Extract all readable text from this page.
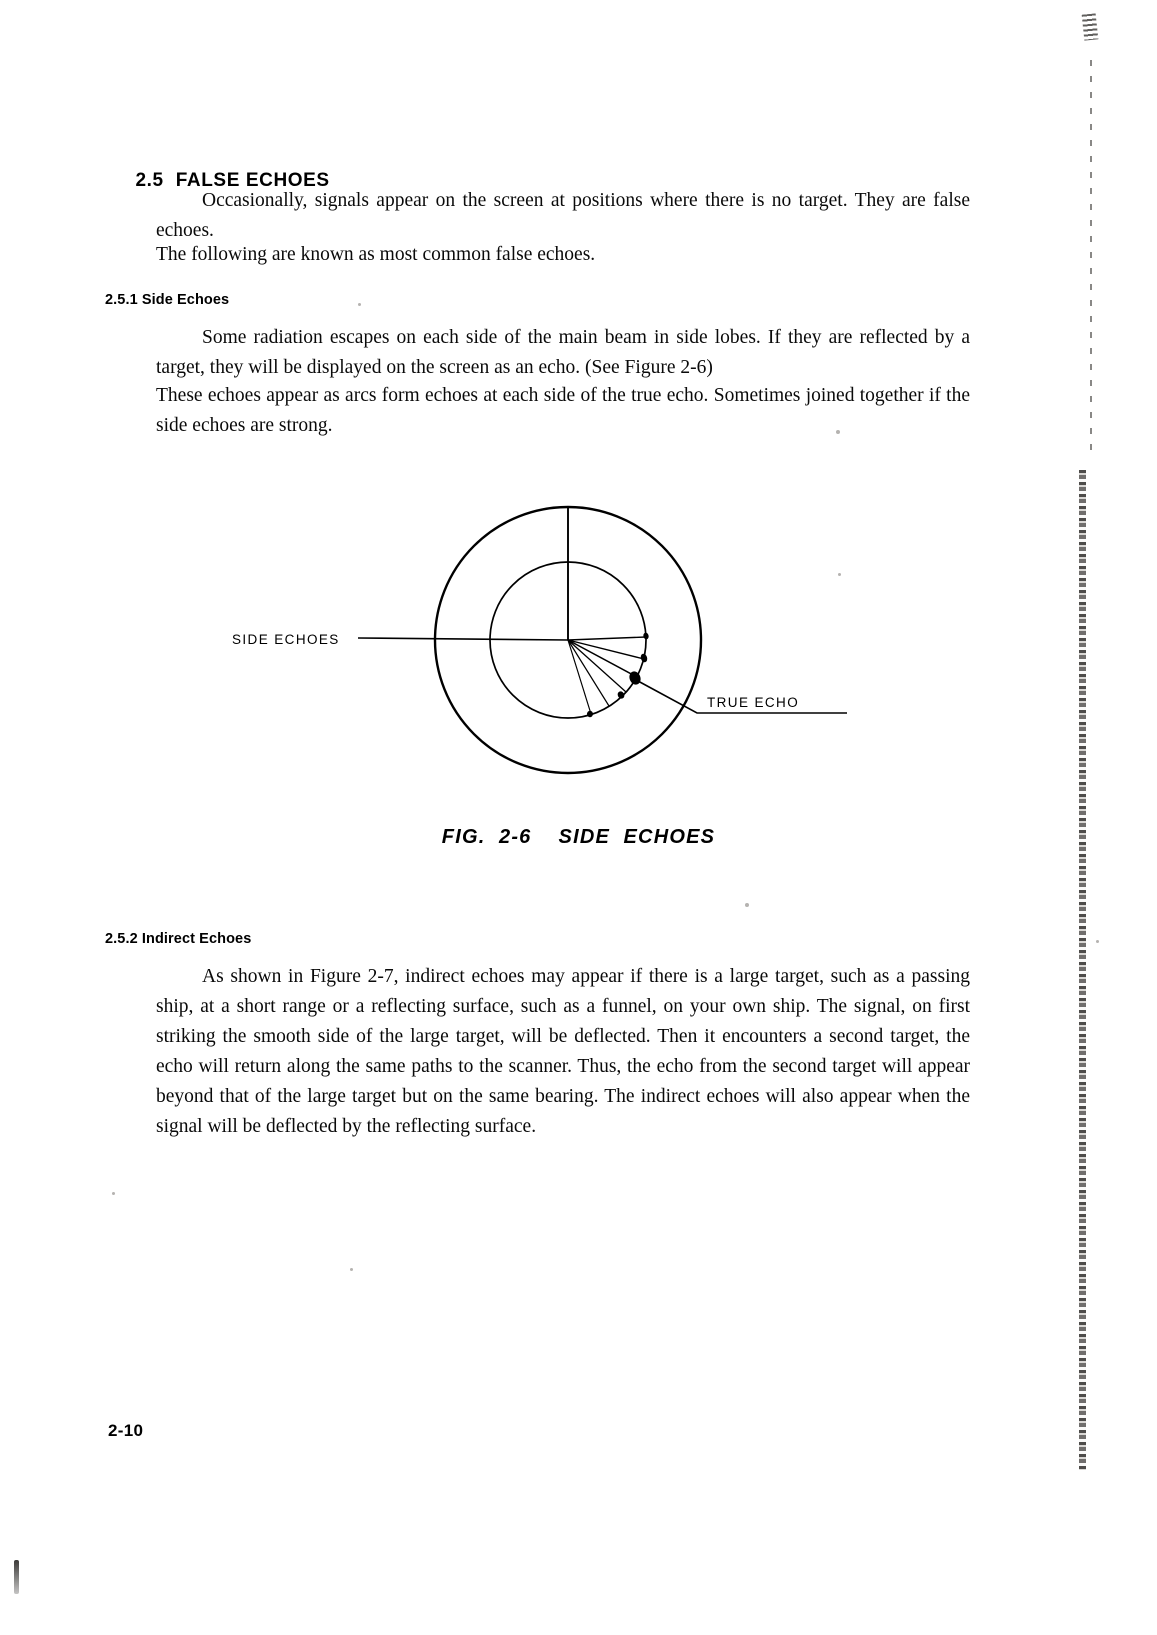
2.5 FALSE ECHOES

Occasionally, signals appear on the screen at positions where there is no target. They are false echoes.
The following are known as most common false echoes.
2.5.1 Side Echoes
Some radiation escapes on each side of the main beam in side lobes. If they are reflected by a target, they will be displayed on the screen as an echo. (See Figure 2-6)
These echoes appear as arcs form echoes at each side of the true echo. Sometimes joined together if the side echoes are strong.
SIDE ECHOES
TRUE ECHO
FIG.  2-6    SIDE  ECHOES
2.5.2 Indirect Echoes
As shown in Figure 2-7, indirect echoes may appear if there is a large target, such as a passing ship, at a short range or a reflecting surface, such as a funnel, on your own ship. The signal, on first striking the smooth side of the large target, will be deflected. Then it encounters a second target, the echo will return along the same paths to the scanner. Thus, the echo from the second target will appear beyond that of the large target but on the same bearing. The indirect echoes will also appear when the signal will be deflected by the reflecting surface.
2-10
